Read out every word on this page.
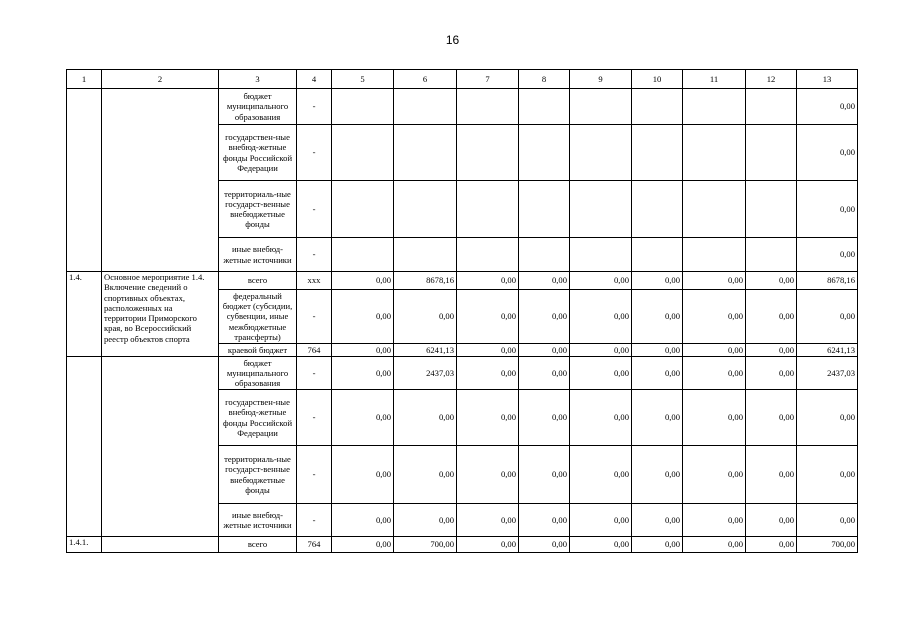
16
1	2	3	4	5	6	7	8	9	10	11	12	13
		бюджет муниципального образования	-									0,00
		государствен-ные внебюд-жетные фонды Российской Федерации	-									0,00
		территориаль-ные государст-венные внебюджетные фонды	-									0,00
		иные внебюд-жетные источники	-									0,00
1.4.	Основное мероприятие 1.4. Включение сведений о спортивных объектах, расположенных на территории Приморского края, во Всероссийский реестр объектов спорта	всего	xxx	0,00	8678,16	0,00	0,00	0,00	0,00	0,00	0,00	8678,16
		федеральный бюджет (субсидии, субвенции, иные межбюджетные трансферты)	-	0,00	0,00	0,00	0,00	0,00	0,00	0,00	0,00	0,00
		краевой бюджет	764	0,00	6241,13	0,00	0,00	0,00	0,00	0,00	0,00	6241,13
		бюджет муниципального образования	-	0,00	2437,03	0,00	0,00	0,00	0,00	0,00	0,00	2437,03
		государствен-ные внебюд-жетные фонды Российской Федерации	-	0,00	0,00	0,00	0,00	0,00	0,00	0,00	0,00	0,00
		территориаль-ные государст-венные внебюджетные фонды	-	0,00	0,00	0,00	0,00	0,00	0,00	0,00	0,00	0,00
		иные внебюд-жетные источники	-	0,00	0,00	0,00	0,00	0,00	0,00	0,00	0,00	0,00
1.4.1.		всего	764	0,00	700,00	0,00	0,00	0,00	0,00	0,00	0,00	700,00
